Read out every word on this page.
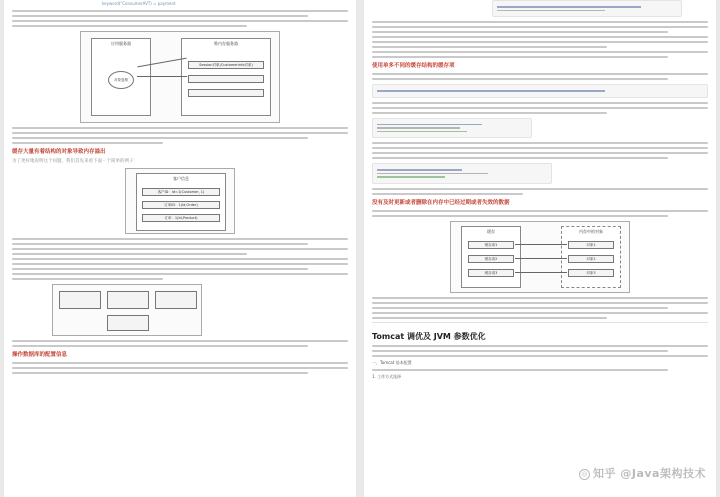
keyword("ConsumerAVT) = payment
应用服务器
对象复制
堆内存服务器
Session对象(CustomerInfo对象)
缓存大量有着结构的对象导致内存溢出
为了更好地说明这个问题，我们首先来看下面一个简单的例子：
客户信息
客户ID：Id=1(Customer, 1)
订单ID：1(Id,Order)
订单：1(Id,Product)
操作数据库的配置信息
使用单多不同的缓存结构的缓存项
没有及时更新或者删除在内存中已经过期或者失效的数据
缓存
缓存项1
缓存项2
缓存项3
内存中的对象
对象1
对象2
对象3
Tomcat 调优及 JVM 参数优化
一、Tomcat 基本配置
1. 工作方式选择
◎ 知乎 @Java架构技术
